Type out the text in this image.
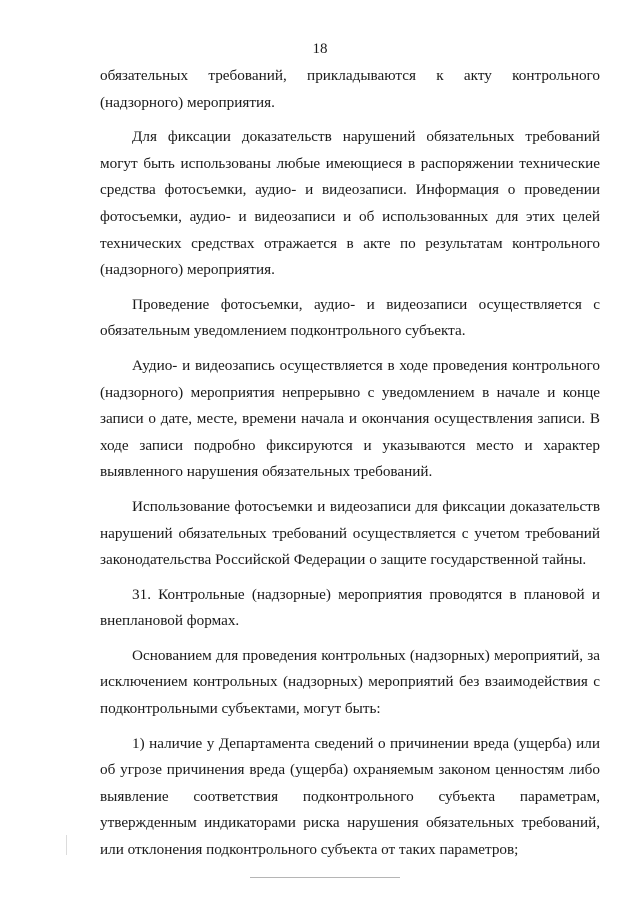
18

обязательных требований, прикладываются к акту контрольного (надзорного) мероприятия.

Для фиксации доказательств нарушений обязательных требований могут быть использованы любые имеющиеся в распоряжении технические средства фотосъемки, аудио- и видеозаписи. Информация о проведении фотосъемки, аудио- и видеозаписи и об использованных для этих целей технических средствах отражается в акте по результатам контрольного (надзорного) мероприятия.

Проведение фотосъемки, аудио- и видеозаписи осуществляется с обязательным уведомлением подконтрольного субъекта.

Аудио- и видеозапись осуществляется в ходе проведения контрольного (надзорного) мероприятия непрерывно с уведомлением в начале и конце записи о дате, месте, времени начала и окончания осуществления записи. В ходе записи подробно фиксируются и указываются место и характер выявленного нарушения обязательных требований.

Использование фотосъемки и видеозаписи для фиксации доказательств нарушений обязательных требований осуществляется с учетом требований законодательства Российской Федерации о защите государственной тайны.

31. Контрольные (надзорные) мероприятия проводятся в плановой и внеплановой формах.

Основанием для проведения контрольных (надзорных) мероприятий, за исключением контрольных (надзорных) мероприятий без взаимодействия с подконтрольными субъектами, могут быть:

1) наличие у Департамента сведений о причинении вреда (ущерба) или об угрозе причинения вреда (ущерба) охраняемым законом ценностям либо выявление соответствия подконтрольного субъекта параметрам, утвержденным индикаторами риска нарушения обязательных требований, или отклонения подконтрольного субъекта от таких параметров;
